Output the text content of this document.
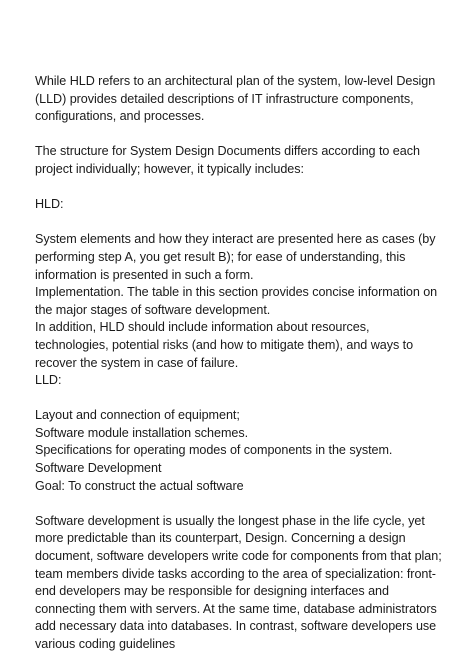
While HLD refers to an architectural plan of the system, low-level Design (LLD) provides detailed descriptions of IT infrastructure components, configurations, and processes.

The structure for System Design Documents differs according to each project individually; however, it typically includes:

HLD:

System elements and how they interact are presented here as cases (by performing step A, you get result B); for ease of understanding, this information is presented in such a form.

Implementation. The table in this section provides concise information on the major stages of software development.

In addition, HLD should include information about resources, technologies, potential risks (and how to mitigate them), and ways to recover the system in case of failure.

LLD:

Layout and connection of equipment;

Software module installation schemes.

Specifications for operating modes of components in the system.

Software Development

Goal: To construct the actual software

Software development is usually the longest phase in the life cycle, yet more predictable than its counterpart, Design. Concerning a design document, software developers write code for components from that plan; team members divide tasks according to the area of specialization: front-end developers may be responsible for designing interfaces and connecting them with servers. At the same time, database administrators add necessary data into databases. In contrast, software developers use various coding guidelines
